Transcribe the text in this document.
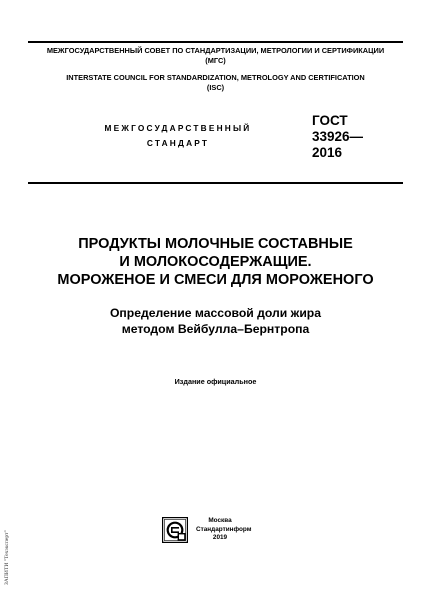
МЕЖГОСУДАРСТВЕННЫЙ СОВЕТ ПО СТАНДАРТИЗАЦИИ, МЕТРОЛОГИИ И СЕРТИФИКАЦИИ
(МГС)
INTERSTATE COUNCIL FOR STANDARDIZATION, METROLOGY AND CERTIFICATION
(ISC)
МЕЖГОСУДАРСТВЕННЫЙ
СТАНДАРТ
ГОСТ
33926—
2016
ПРОДУКТЫ МОЛОЧНЫЕ СОСТАВНЫЕ
И МОЛОКОСОДЕРЖАЩИЕ.
МОРОЖЕНОЕ И СМЕСИ ДЛЯ МОРОЖЕНОГО
Определение массовой доли жира
методом Вейбулла–Бернтропа
Издание официальное
Москва
Стандартинформ
2019
ЗАПИТИ "Техэксперт"
